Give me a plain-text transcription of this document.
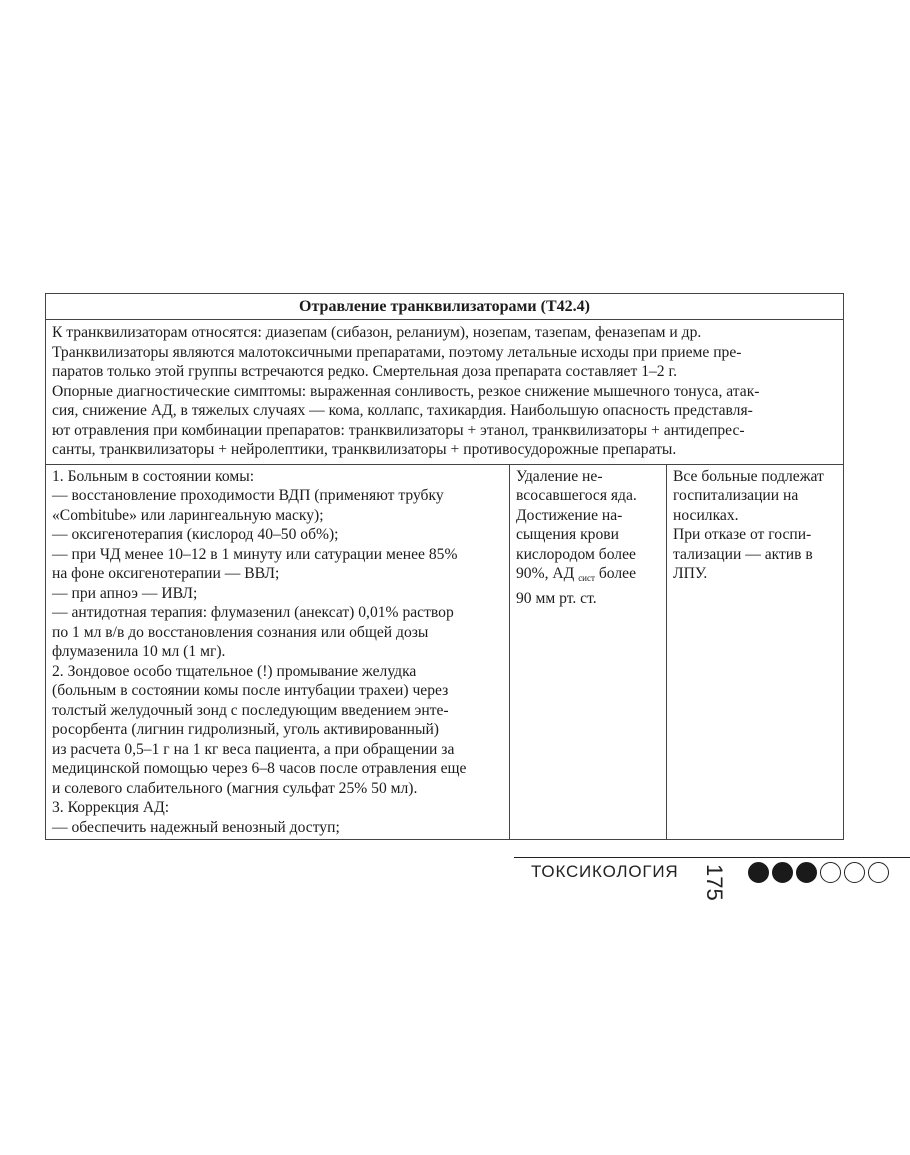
Отравление транквилизаторами (Т42.4)

К транквилизаторам относятся: диазепам (сибазон, реланиум), нозепам, тазепам, феназепам и др.

Транквилизаторы являются малотоксичными препаратами, поэтому летальные исходы при приеме пре-

паратов только этой группы встречаются редко. Смертельная доза препарата составляет 1–2 г.

Опорные диагностические симптомы: выраженная сонливость, резкое снижение мышечного тонуса, атак-

сия, снижение АД, в тяжелых случаях — кома, коллапс, тахикардия. Наибольшую опасность представля-

ют отравления при комбинации препаратов: транквилизаторы + этанол, транквилизаторы + антидепрес-

санты, транквилизаторы + нейролептики, транквилизаторы + противосудорожные препараты.

1. Больным в состоянии комы:
— восстановление проходимости ВДП (применяют трубку
«Combitube» или ларингеальную маску);
— оксигенотерапия (кислород 40–50 об%);
— при ЧД менее 10–12 в 1 минуту или сатурации менее 85%
на фоне оксигенотерапии — ВВЛ;
— при апноэ — ИВЛ;
— антидотная терапия: флумазенил (анексат) 0,01% раствор
по 1 мл в/в до восстановления сознания или общей дозы
флумазенила 10 мл (1 мг).
2. Зондовое особо тщательное (!) промывание желудка
(больным в состоянии комы после интубации трахеи) через
толстый желудочный зонд с последующим введением энте-
росорбента (лигнин гидролизный, уголь активированный)
из расчета 0,5–1 г на 1 кг веса пациента, а при обращении за
медицинской помощью через 6–8 часов после отравления еще
и солевого слабительного (магния сульфат 25% 50 мл).
3. Коррекция АД:
— обеспечить надежный венозный доступ;
Удаление не-
всосавшегося яда.
Достижение на-
сыщения крови
кислородом более
90%, АД $_{сист}$ более
90 мм рт. ст.
Все больные подлежат
госпитализации на
носилках.
При отказе от госпи-
тализации — актив в
ЛПУ.
ТОКСИКОЛОГИЯ 175
